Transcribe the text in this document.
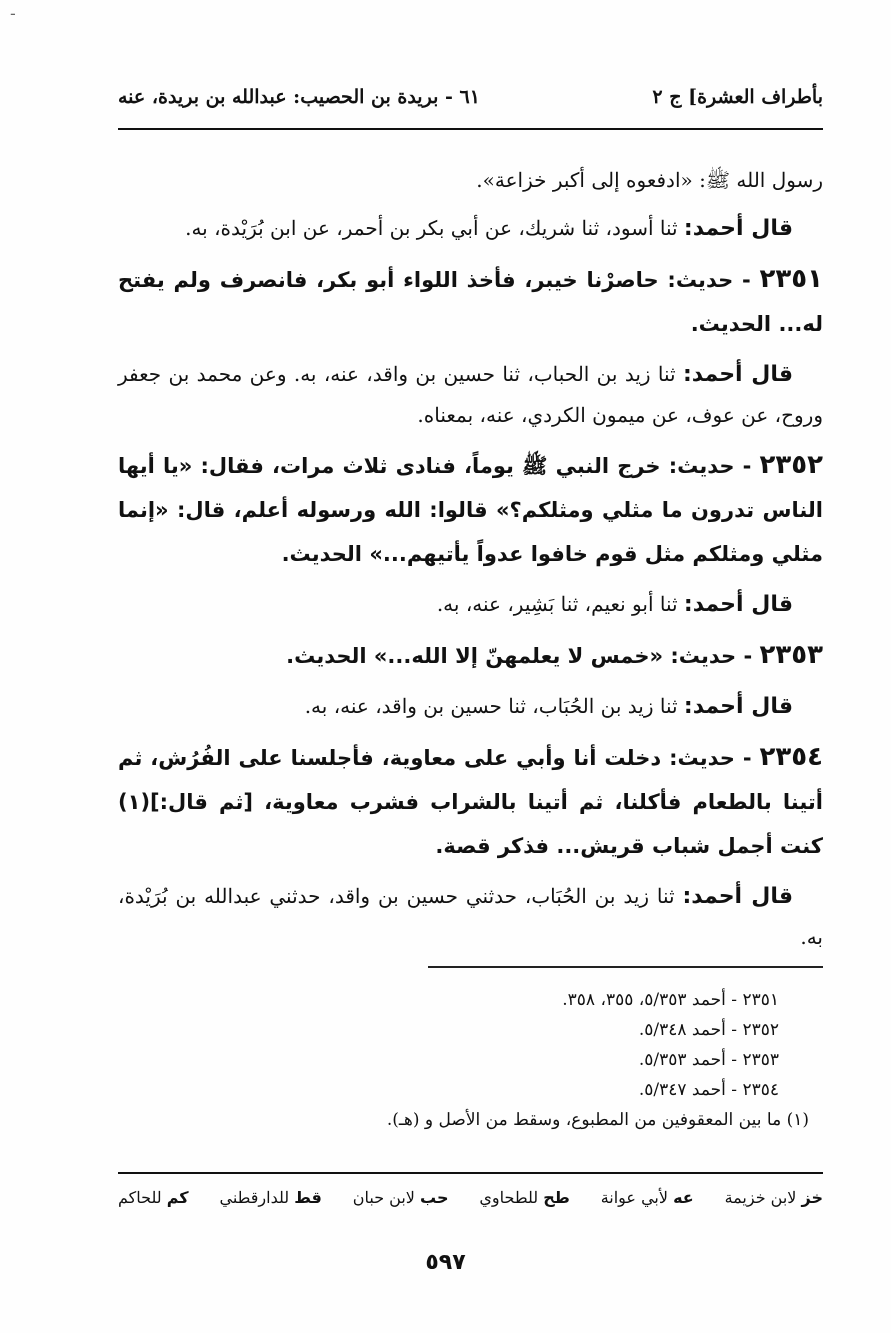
-
بأطراف العشرة] ج ٢
٦١ - بريدة بن الحصيب: عبدالله بن بريدة، عنه

رسول الله ﷺ: «ادفعوه إلى أكبر خزاعة».

قال أحمد: ثنا أسود، ثنا شريك، عن أبي بكر بن أحمر، عن ابن بُرَيْدة، به.

٢٣٥١ - حديث: حاصرْنا خيبر، فأخذ اللواء أبو بكر، فانصرف ولم يفتح له... الحديث.

قال أحمد: ثنا زيد بن الحباب، ثنا حسين بن واقد، عنه، به. وعن محمد بن جعفر وروح، عن عوف، عن ميمون الكردي، عنه، بمعناه.

٢٣٥٢ - حديث: خرج النبي ﷺ يوماً، فنادى ثلاث مرات، فقال: «يا أيها الناس تدرون ما مثلي ومثلكم؟» قالوا: الله ورسوله أعلم، قال: «إنما مثلي ومثلكم مثل قوم خافوا عدواً يأتيهم...» الحديث.

قال أحمد: ثنا أبو نعيم، ثنا بَشِير، عنه، به.

٢٣٥٣ - حديث: «خمس لا يعلمهنّ إلا الله...» الحديث.

قال أحمد: ثنا زيد بن الحُبَاب، ثنا حسين بن واقد، عنه، به.

٢٣٥٤ - حديث: دخلت أنا وأبي على معاوية، فأجلسنا على الفُرُش، ثم أتينا بالطعام فأكلنا، ثم أتينا بالشراب فشرب معاوية، [ثم قال:](١) كنت أجمل شباب قريش... فذكر قصة.

قال أحمد: ثنا زيد بن الحُبَاب، حدثني حسين بن واقد، حدثني عبدالله بن بُرَيْدة، به.

٢٣٥١ - أحمد ٥/٣٥٣، ٣٥٥، ٣٥٨.
٢٣٥٢ - أحمد ٥/٣٤٨.
٢٣٥٣ - أحمد ٥/٣٥٣.
٢٣٥٤ - أحمد ٥/٣٤٧.
(١) ما بين المعقوفين من المطبوع، وسقط من الأصل و (هـ).
خز لابن خزيمة
عه لأبي عوانة
طح للطحاوي
حب لابن حبان
قط للدارقطني
كم للحاكم
٥٩٧
